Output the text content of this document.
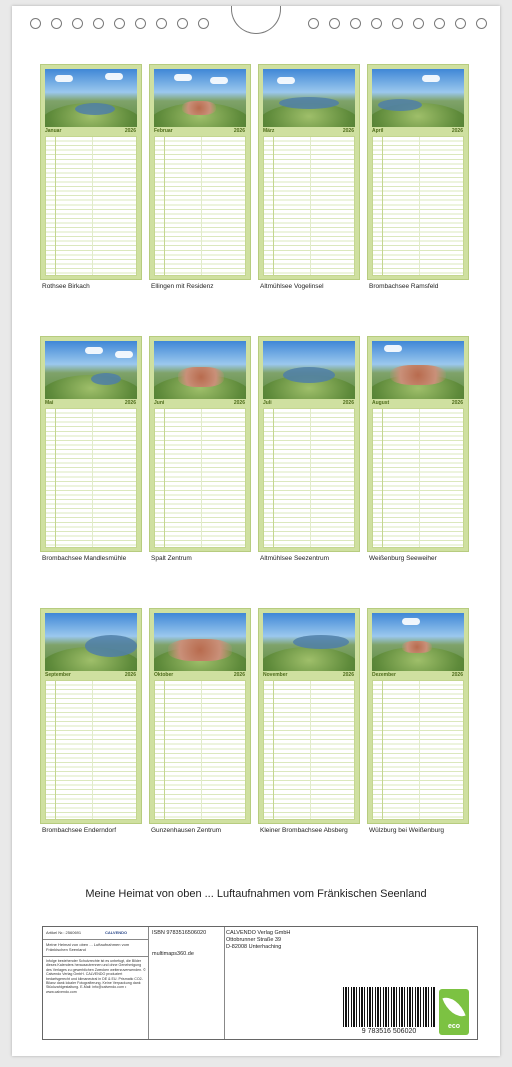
Januar	2026
Rothsee Birkach
Februar	2026
Ellingen mit Residenz
März	2026
Altmühlsee Vogelinsel
April	2026
Brombachsee Ramsfeld
Mai	2026
Brombachsee Mandlesmühle
Juni	2026
Spalt Zentrum
Juli	2026
Altmühlsee Seezentrum
August	2026
Weißenburg Seeweiher
September	2026
Brombachsee Enderndorf
Oktober	2026
Gunzenhausen Zentrum
November	2026
Kleiner Brombachsee Absberg
Dezember	2026
Wülzburg bei Weißenburg
Meine Heimat von oben ... Luftaufnahmen vom Fränkischen Seenland
Artikel Nr.: 2560691	CALVENDO
Meine Heimat von oben ... Luftaufnahmen vom Fränkischen Seenland
Infolge bestehender Schutzrechte ist es unbefugt, die Bilder dieses Kalenders herauszutrennen und ohne Genehmigung des Verlages zu gewerblichen Zwecken weiterzuverwenden. © Calvendo Verlag GmbH. CALVENDO produziert bedarfsgerecht und klimaneutral in DE & EU. Prismatic CO2-Bilanz dank lokaler Fotografierung. Keine Verpackung dank Stückzahlgestaltung. E-Mail: info@calvendo.com • www.calvendo.com
ISBN 9783516506020
multimaps360.de
CALVENDO Verlag GmbH
Ottobrunner Straße 39
D-82008 Unterhaching
9 783516 506020
eco
